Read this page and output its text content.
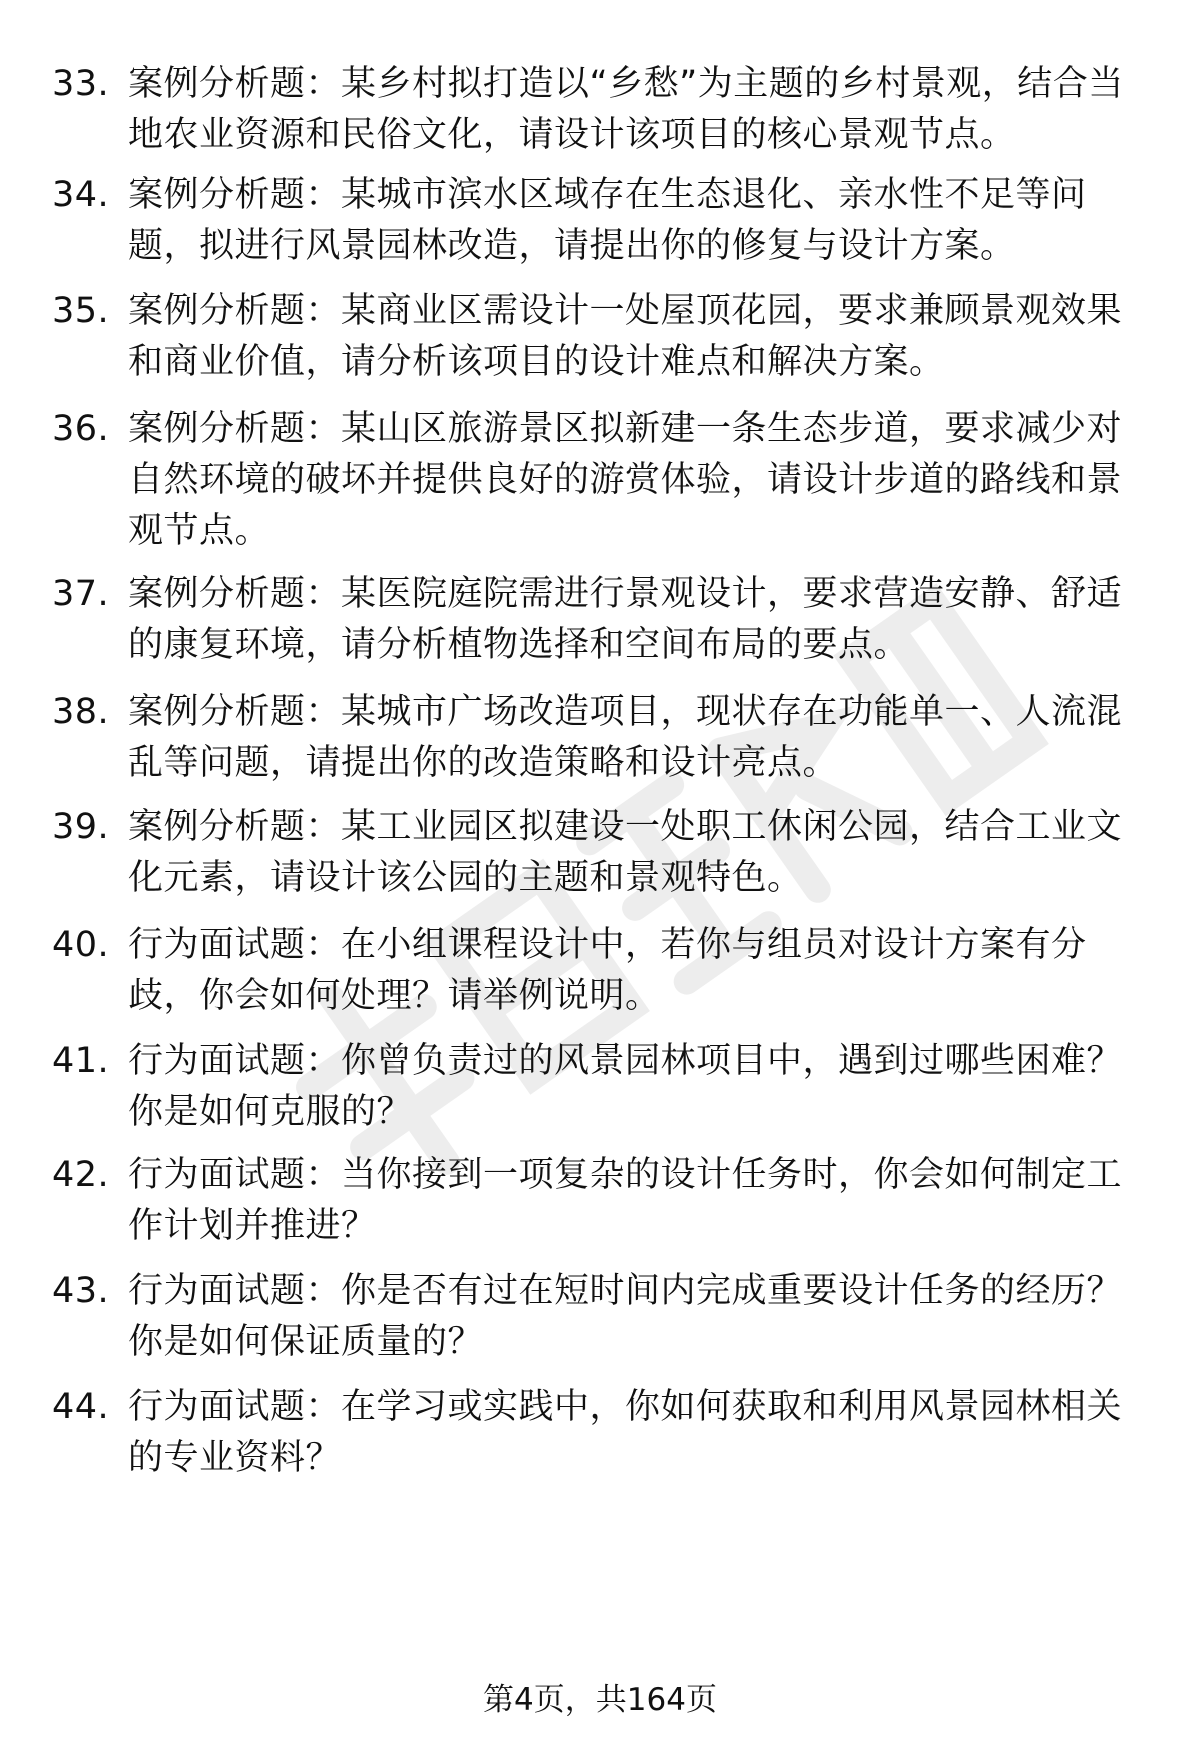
33. 案例分析题：某乡村拟打造以“乡愁”为主题的乡村景观，结合当地农业资源和民俗文化，请设计该项目的核心景观节点。
34. 案例分析题：某城市滨水区域存在生态退化、亲水性不足等问题，拟进行风景园林改造，请提出你的修复与设计方案。
35. 案例分析题：某商业区需设计一处屋顶花园，要求兼顾景观效果和商业价值，请分析该项目的设计难点和解决方案。
36. 案例分析题：某山区旅游景区拟新建一条生态步道，要求减少对自然环境的破坏并提供良好的游赏体验，请设计步道的路线和景观节点。
37. 案例分析题：某医院庭院需进行景观设计，要求营造安静、舒适的康复环境，请分析植物选择和空间布局的要点。
38. 案例分析题：某城市广场改造项目，现状存在功能单一、人流混乱等问题，请提出你的改造策略和设计亮点。
39. 案例分析题：某工业园区拟建设一处职工休闲公园，结合工业文化元素，请设计该公园的主题和景观特色。
40. 行为面试题：在小组课程设计中，若你与组员对设计方案有分歧，你会如何处理？请举例说明。
41. 行为面试题：你曾负责过的风景园林项目中，遇到过哪些困难？你是如何克服的？
42. 行为面试题：当你接到一项复杂的设计任务时，你会如何制定工作计划并推进？
43. 行为面试题：你是否有过在短时间内完成重要设计任务的经历？你是如何保证质量的？
44. 行为面试题：在学习或实践中，你如何获取和利用风景园林相关的专业资料？
第4页，共164页
